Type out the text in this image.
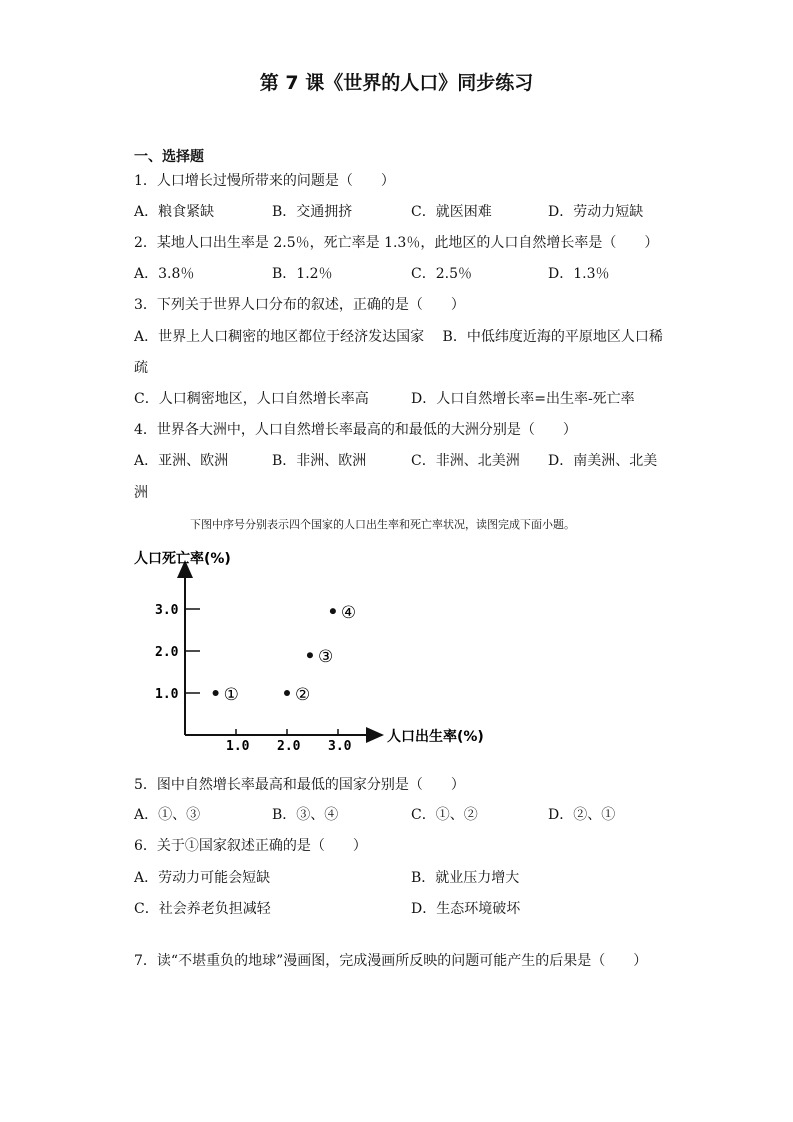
第 7 课《世界的人口》同步练习
一、选择题
1．人口增长过慢所带来的问题是（　　）
A．粮食紧缺	B．交通拥挤	C．就医困难	D．劳动力短缺
2．某地人口出生率是 2.5％，死亡率是 1.3％，此地区的人口自然增长率是（　　）
A．3.8％	B．1.2％	C．2.5％	D．1.3％
3．下列关于世界人口分布的叙述，正确的是（　　）
A．世界上人口稠密的地区都位于经济发达国家　 B．中低纬度近海的平原地区人口稀
疏
C．人口稠密地区，人口自然增长率高	D．人口自然增长率=出生率-死亡率
4．世界各大洲中，人口自然增长率最高的和最低的大洲分别是（　　）
A．亚洲、欧洲	B．非洲、欧洲	C．非洲、北美洲 D．南美洲、北美
洲
下图中序号分别表示四个国家的人口出生率和死亡率状况，读图完成下面小题。
人口死亡率(%)
人口出生率(%)
1.0 2.0 3.0
1.0
2.0
3.0
①	②
③
④
5．图中自然增长率最高和最低的国家分别是（　　）
A．①、③	B．③、④	C．①、②	D．②、①
6．关于①国家叙述正确的是（　　）
A．劳动力可能会短缺	B．就业压力增大
C．社会养老负担减轻	D．生态环境破坏
7．读“不堪重负的地球”漫画图，完成漫画所反映的问题可能产生的后果是（　　）
